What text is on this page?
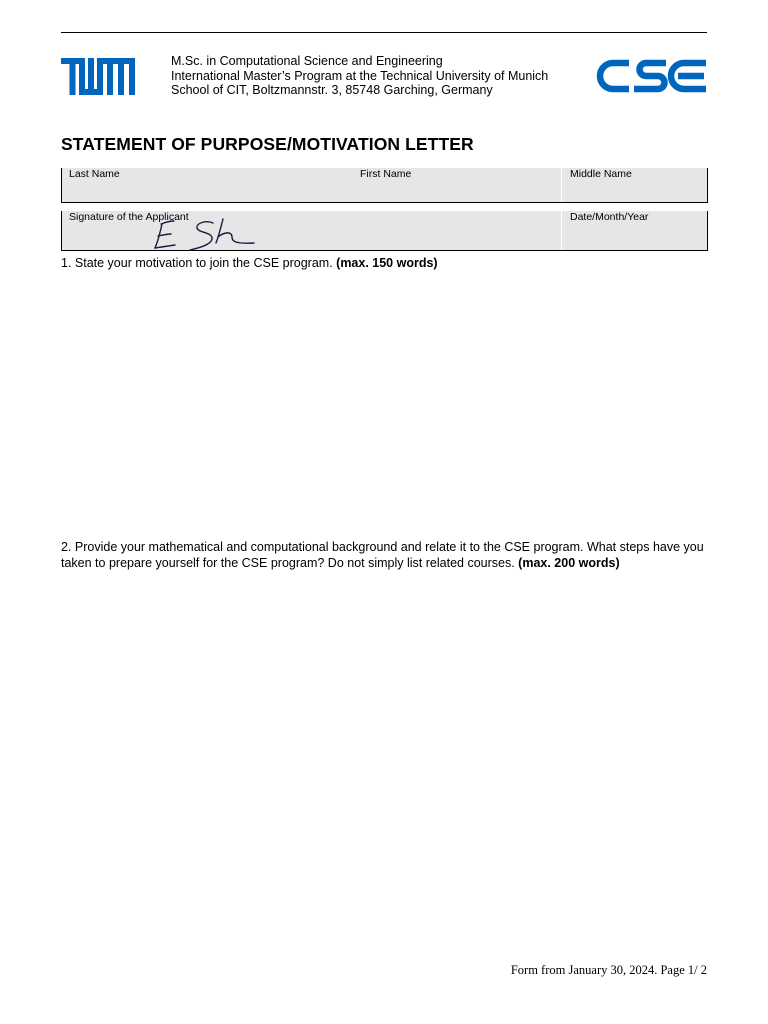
M.Sc. in Computational Science and Engineering
International Master’s Program at the Technical University of Munich
School of CIT, Boltzmannstr. 3, 85748 Garching, Germany
STATEMENT OF PURPOSE/MOTIVATION LETTER
Last Name	First Name	Middle Name
Signature of the Applicant	Date/Month/Year
1. State your motivation to join the CSE program. (max. 150 words)
2. Provide your mathematical and computational background and relate it to the CSE program. What steps have you taken to prepare yourself for the CSE program? Do not simply list related courses. (max. 200 words)
Form from January 30, 2024. Page 1/ 2
